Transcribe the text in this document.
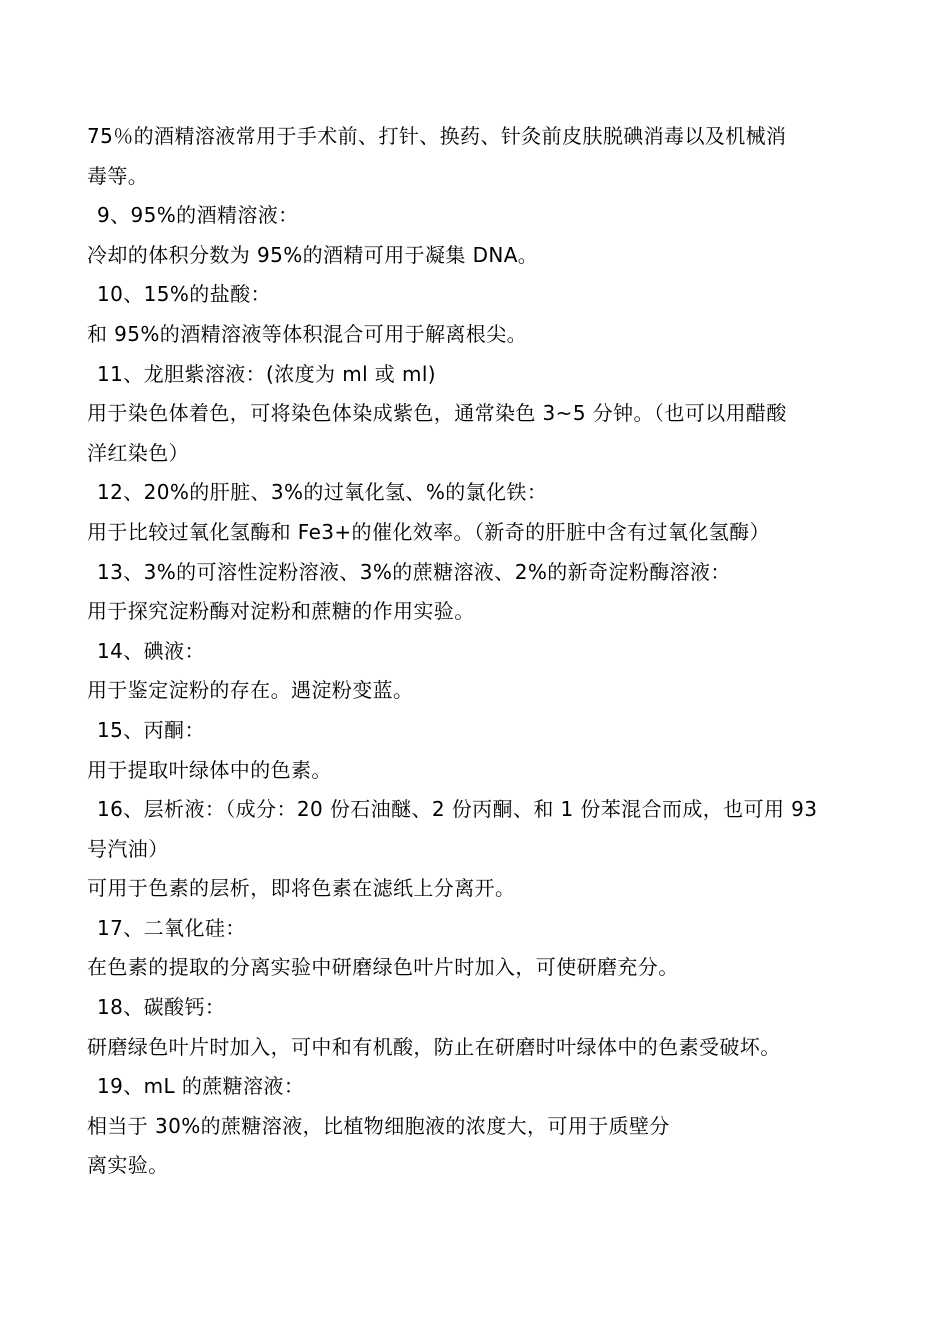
75％的酒精溶液常用于手术前、打针、换药、针灸前皮肤脱碘消毒以及机械消
毒等。
9、95%的酒精溶液：
冷却的体积分数为 95%的酒精可用于凝集 DNA。
10、15%的盐酸：
和 95%的酒精溶液等体积混合可用于解离根尖。
11、龙胆紫溶液：(浓度为 ml 或 ml)
用于染色体着色，可将染色体染成紫色，通常染色 3~5 分钟。（也可以用醋酸
洋红染色）
12、20%的肝脏、3%的过氧化氢、%的氯化铁：
用于比较过氧化氢酶和 Fe3+的催化效率。（新奇的肝脏中含有过氧化氢酶）
13、3%的可溶性淀粉溶液、3%的蔗糖溶液、2%的新奇淀粉酶溶液：
用于探究淀粉酶对淀粉和蔗糖的作用实验。
14、碘液：
用于鉴定淀粉的存在。遇淀粉变蓝。
15、丙酮：
用于提取叶绿体中的色素。
16、层析液：（成分：20 份石油醚、2 份丙酮、和 1 份苯混合而成，也可用 93
号汽油）
可用于色素的层析，即将色素在滤纸上分离开。
17、二氧化硅：
在色素的提取的分离实验中研磨绿色叶片时加入，可使研磨充分。
18、碳酸钙：
研磨绿色叶片时加入，可中和有机酸，防止在研磨时叶绿体中的色素受破坏。
19、mL 的蔗糖溶液：
相当于 30%的蔗糖溶液，比植物细胞液的浓度大，可用于质壁分
离实验。
